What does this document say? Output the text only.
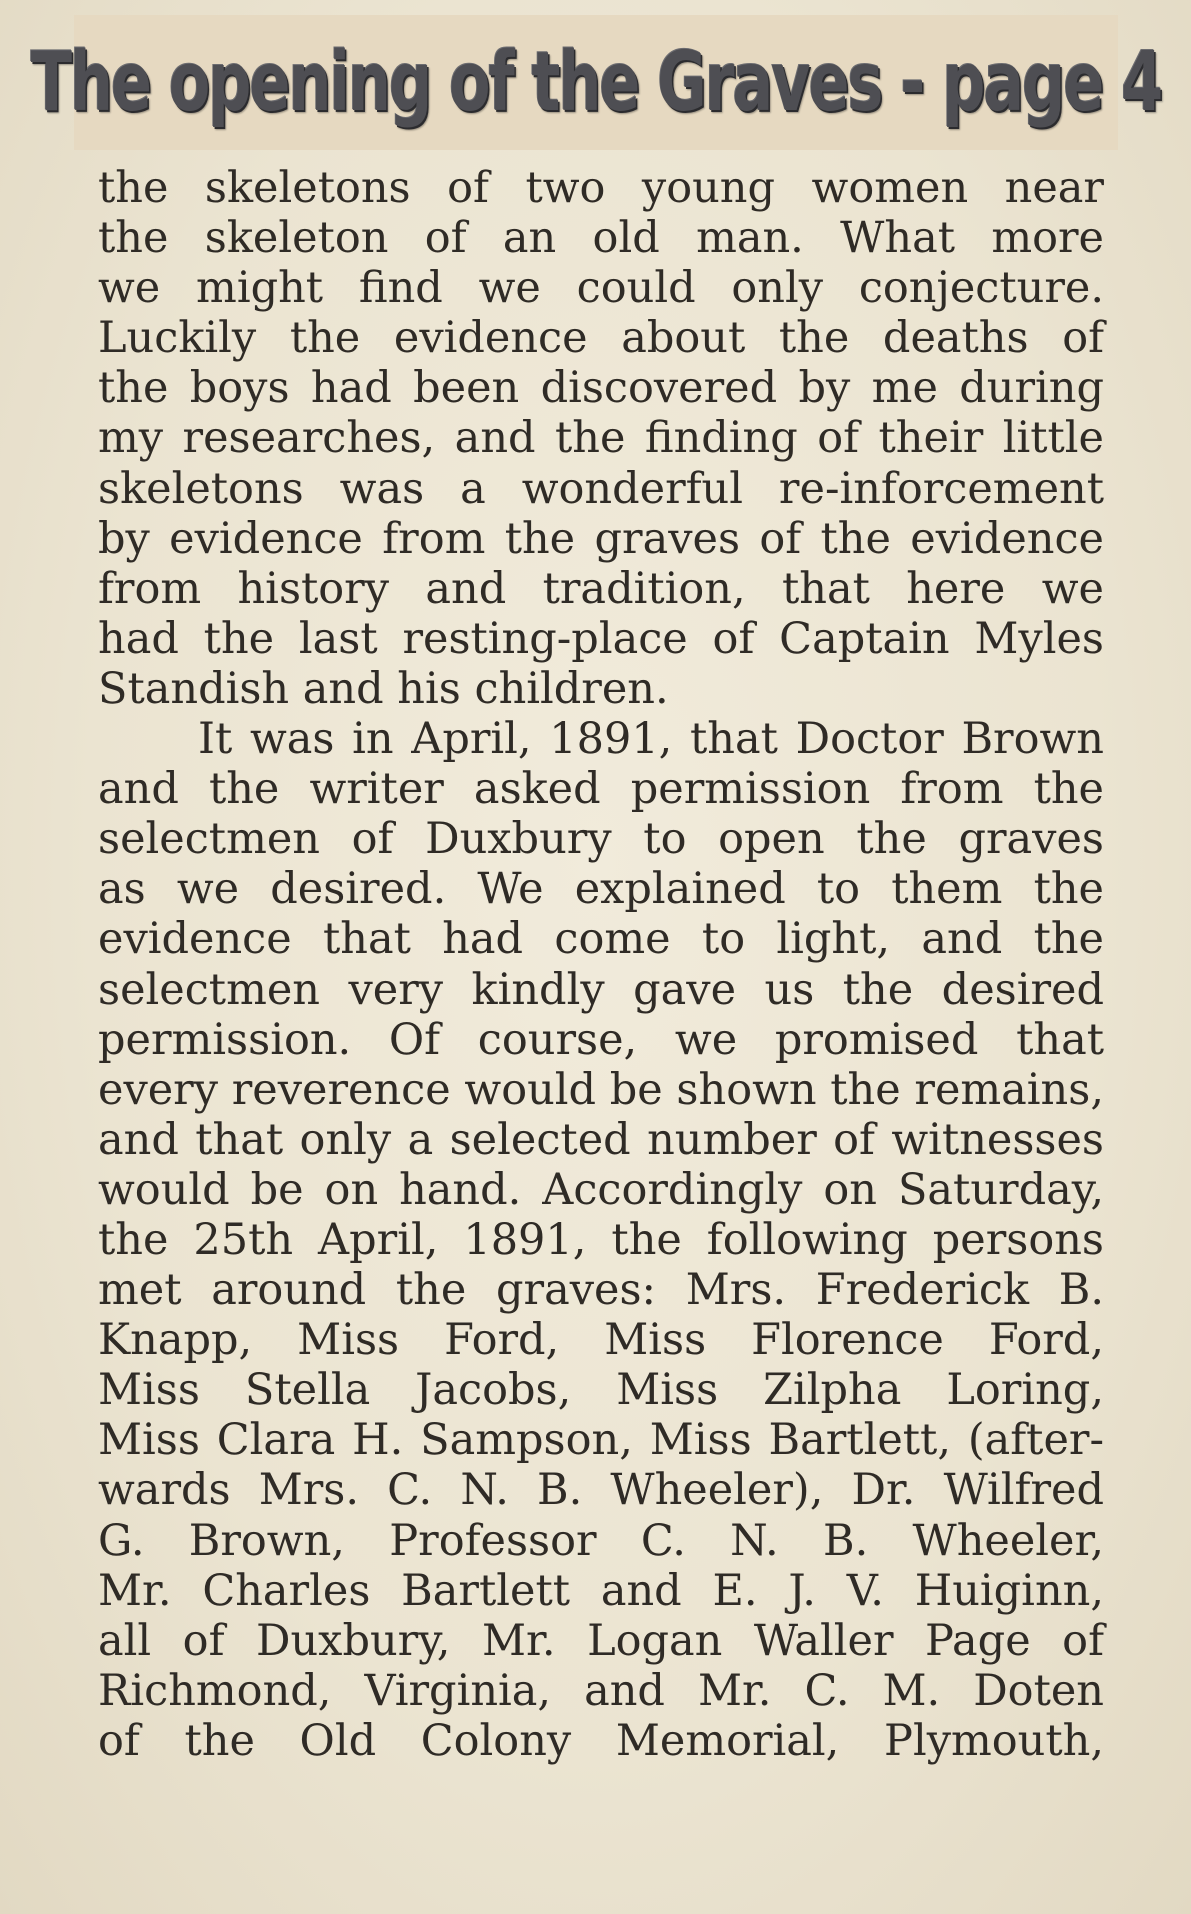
The opening of the Graves - page 4
the skeletons of two young women near
the skeleton of an old man. What more
we might find we could only conjecture.
Luckily the evidence about the deaths of
the boys had been discovered by me during
my researches, and the finding of their little
skeletons was a wonderful re-inforcement
by evidence from the graves of the evidence
from history and tradition, that here we
had the last resting-place of Captain Myles
Standish and his children.
It was in April, 1891, that Doctor Brown
and the writer asked permission from the
selectmen of Duxbury to open the graves
as we desired. We explained to them the
evidence that had come to light, and the
selectmen very kindly gave us the desired
permission. Of course, we promised that
every reverence would be shown the remains,
and that only a selected number of witnesses
would be on hand. Accordingly on Saturday,
the 25th April, 1891, the following persons
met around the graves: Mrs. Frederick B.
Knapp, Miss Ford, Miss Florence Ford,
Miss Stella Jacobs, Miss Zilpha Loring,
Miss Clara H. Sampson, Miss Bartlett, (after-
wards Mrs. C. N. B. Wheeler), Dr. Wilfred
G. Brown, Professor C. N. B. Wheeler,
Mr. Charles Bartlett and E. J. V. Huiginn,
all of Duxbury, Mr. Logan Waller Page of
Richmond, Virginia, and Mr. C. M. Doten
of the Old Colony Memorial, Plymouth,
